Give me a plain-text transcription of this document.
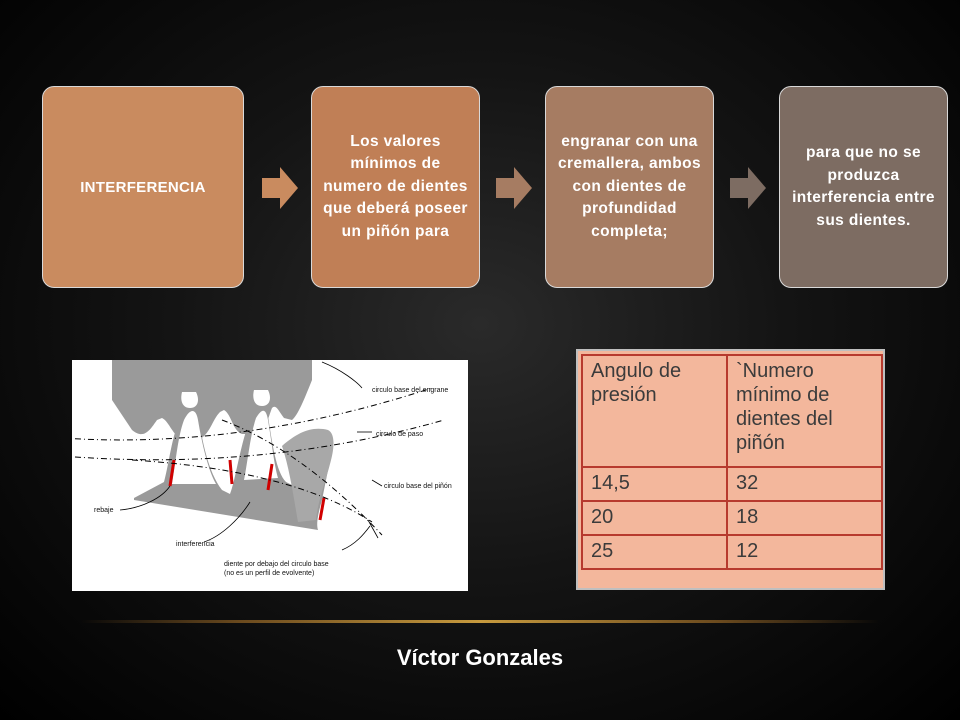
INTERFERENCIA
Los valores mínimos de numero de dientes que deberá poseer un piñón para
engranar con una cremallera, ambos con dientes de profundidad completa;
para que no se produzca interferencia entre sus dientes.
circulo base del engrane
circulo de paso
circulo base del piñón
rebaje
interferencia
diente por debajo del circulo base
(no es un perfil de evolvente)
Angulo de presión	`Numero mínimo de dientes del piñón
14,5	32
20	18
25	12
Víctor Gonzales
